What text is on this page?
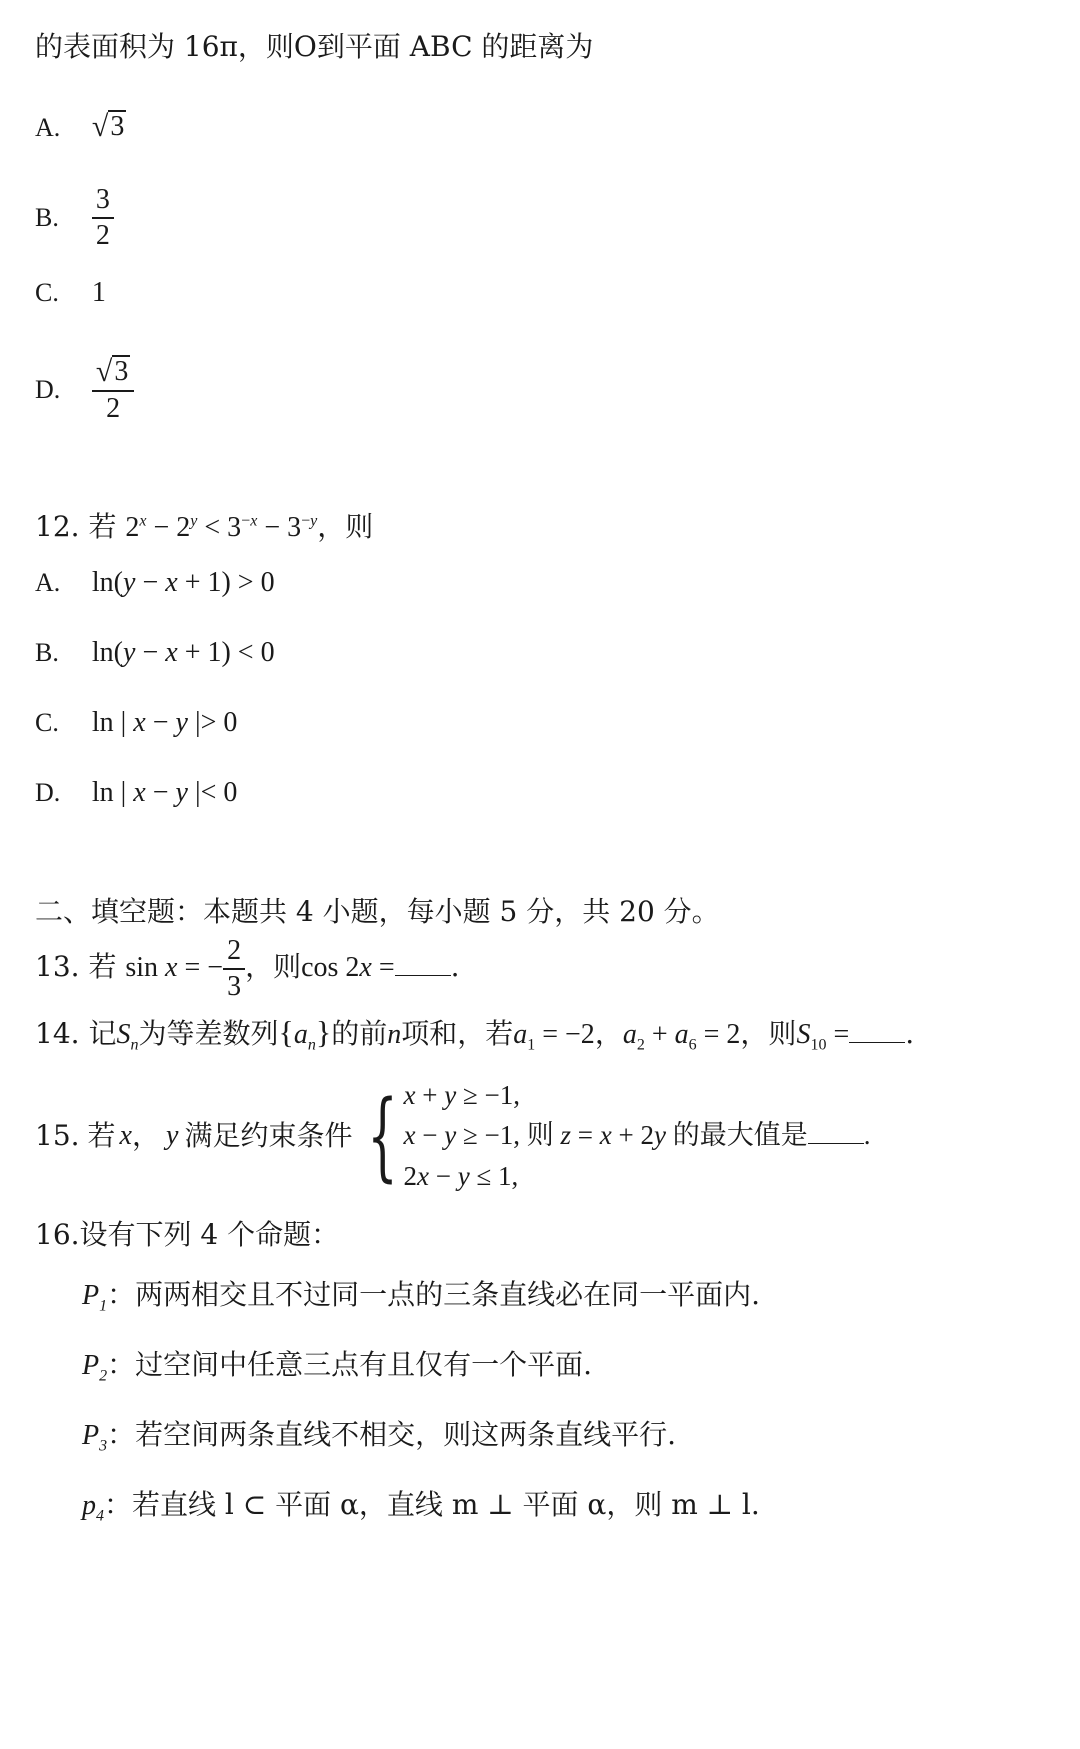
的表面积为 16π，则O到平面 ABC 的距离为
A. √ 3
B. $\frac{3}{2}$
C. 1
D. $\frac{√ 3}{2}$
12. 若 $2^x - 2^y < 3^{-x} - 3^{-y}$，则
A. ln(y − x + 1) > 0
B. ln(y − x + 1) < 0
C. ln | x − y |> 0
D. ln | x − y |< 0
二、填空题：本题共 4 小题，每小题 5 分，共 20 分。
13. 若 sin x = − $\frac{2}{3}$ ，则cos 2x = .
14. 记$S_n$为等差数列$\{a_n\}$的前n项和，若$a_1 = -2$，$a_2 + a_6 = 2$，则$S_{10}$ = .
15. 若 x ， y 满足约束条件 { x + y ≥ −1,
x − y ≥ −1, 则 z = x + 2y 的最大值是 .
2x − y ≤ 1,
16.设有下列 4 个命题：
$P_1$：两两相交且不过同一点的三条直线必在同一平面内.
$P_2$：过空间中任意三点有且仅有一个平面.
$P_3$：若空间两条直线不相交，则这两条直线平行.
$p_4$：若直线 l ⊂ 平面 α，直线 m ⊥ 平面 α，则 m ⊥ l.
